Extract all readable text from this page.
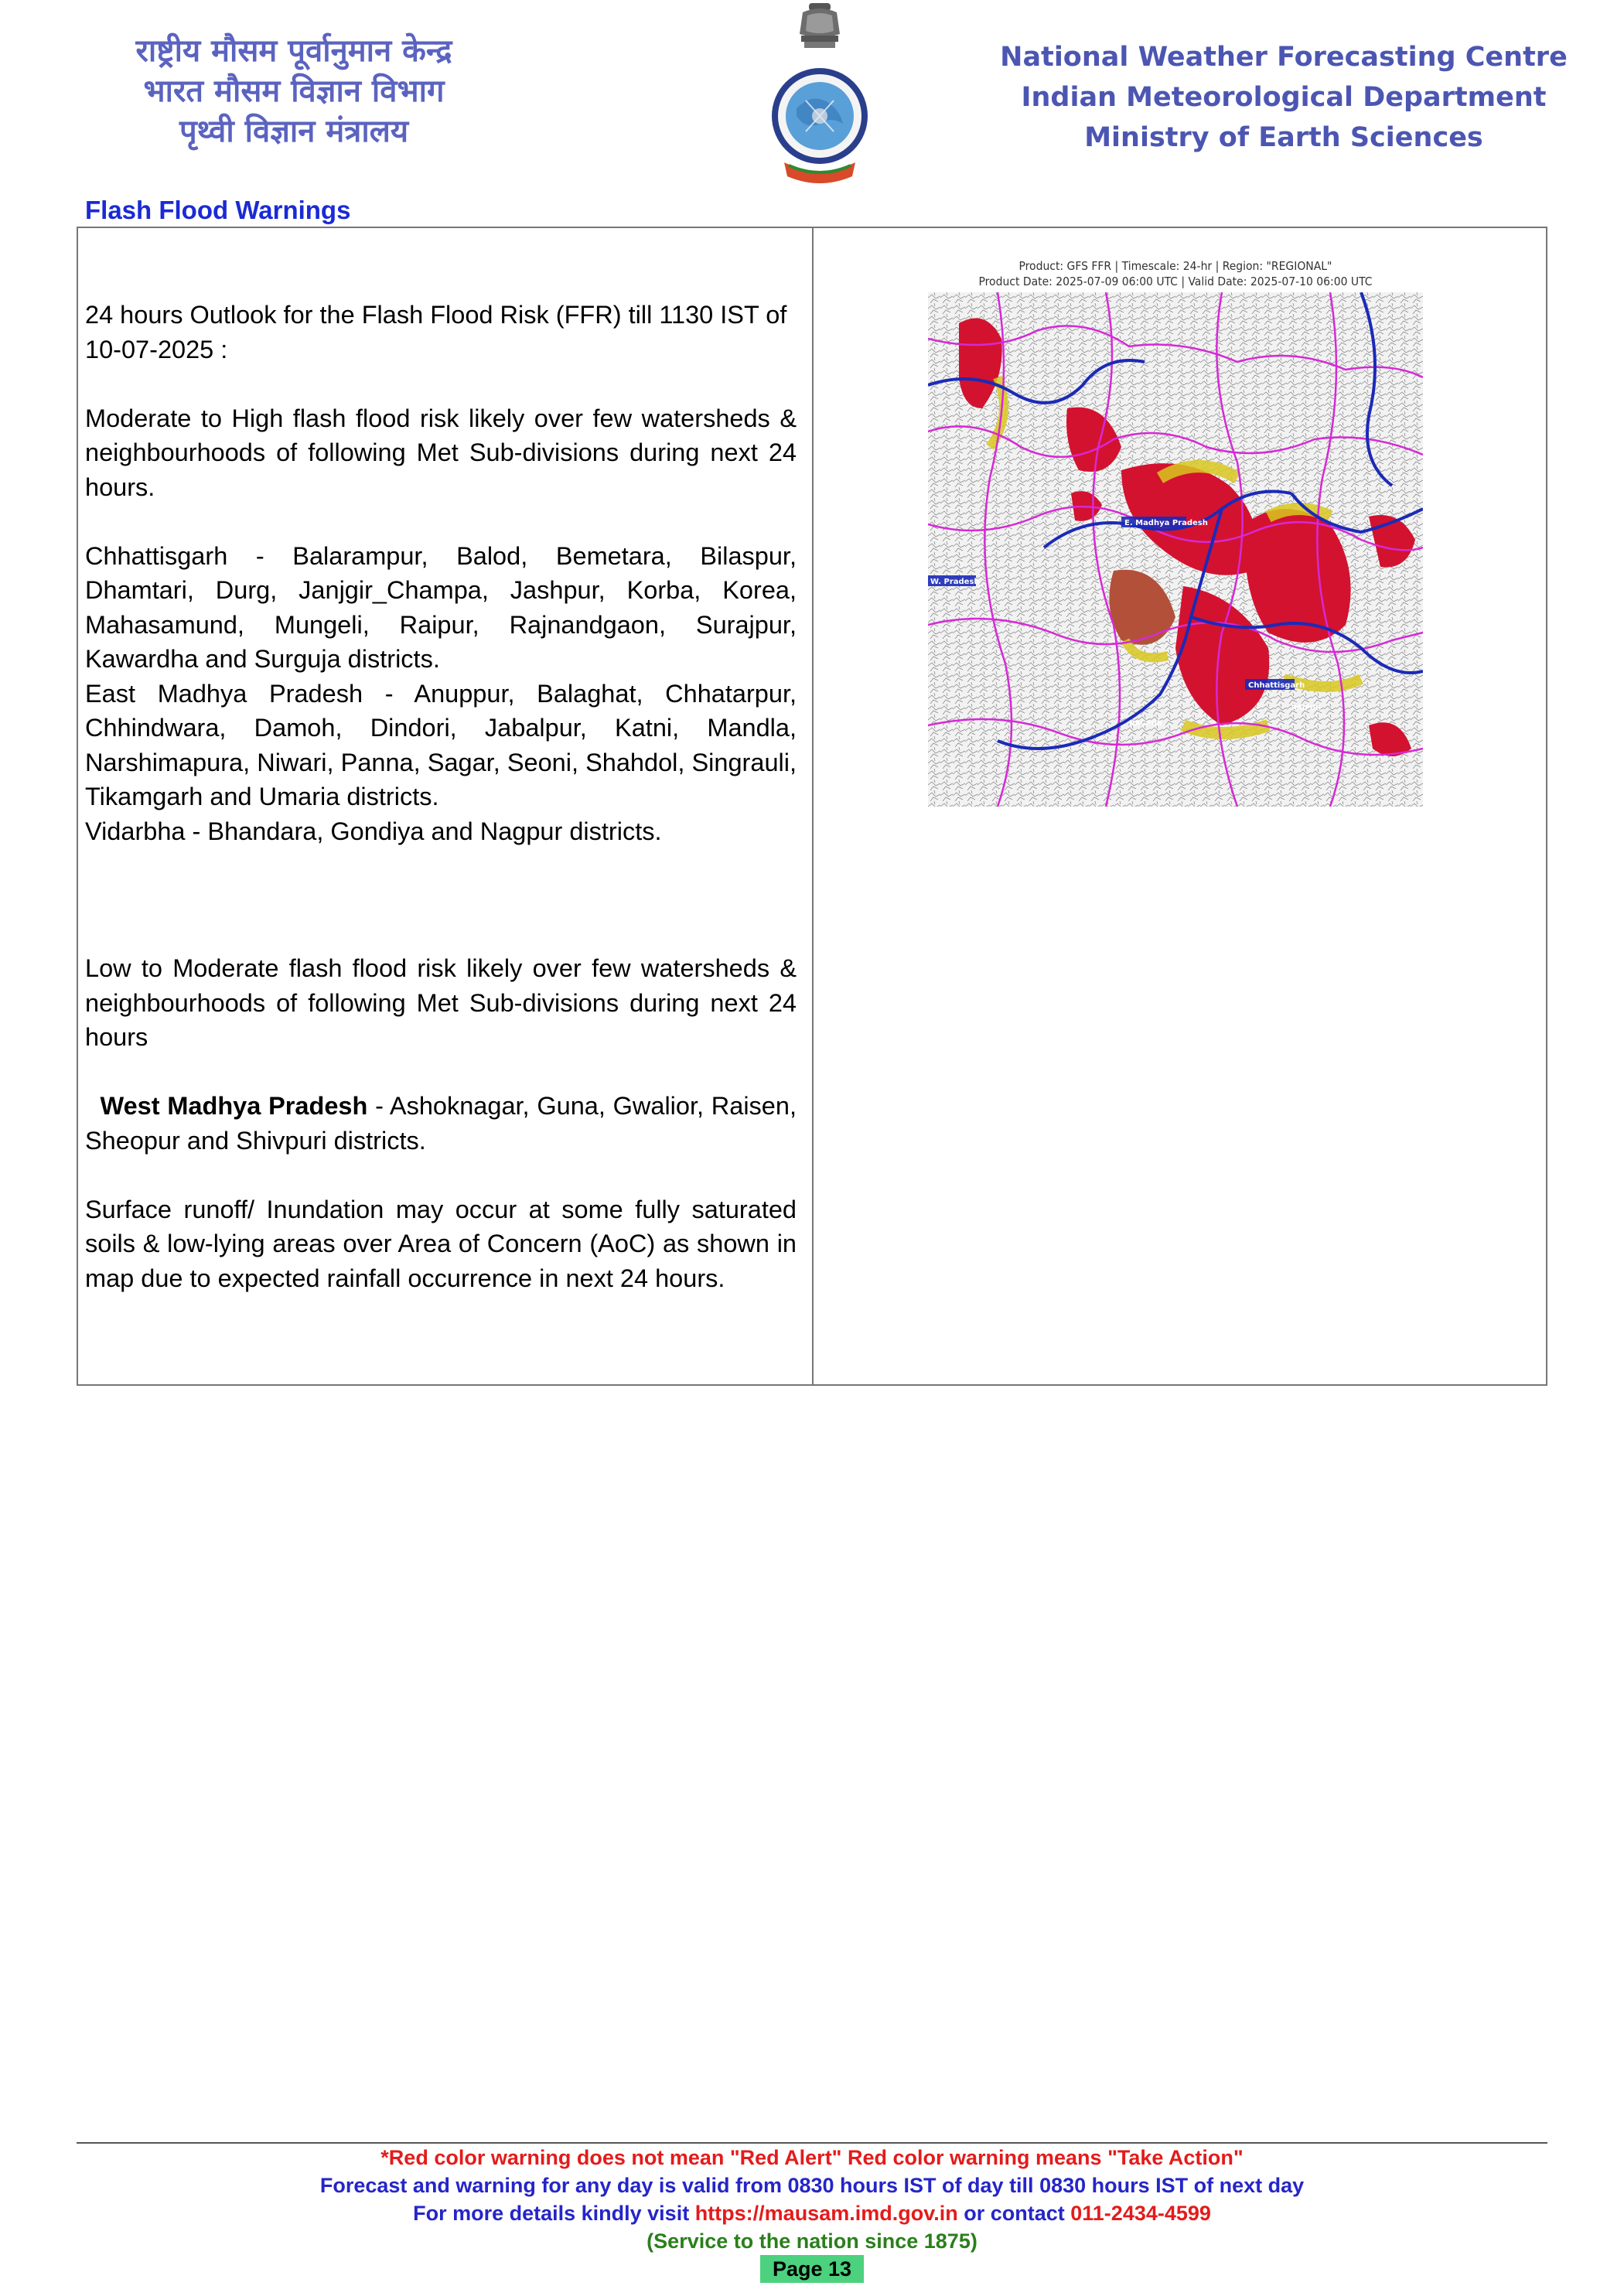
राष्ट्रीय मौसम पूर्वानुमान केन्द्र
भारत मौसम विज्ञान विभाग
पृथ्वी विज्ञान मंत्रालय
National Weather Forecasting Centre
Indian Meteorological Department
Ministry of Earth Sciences
Flash Flood Warnings

24 hours Outlook for the Flash Flood Risk (FFR) till 1130 IST of 10-07-2025 :

Moderate to High flash flood risk likely over few watersheds & neighbourhoods of following Met Sub-divisions during next 24 hours.

Chhattisgarh - Balarampur, Balod, Bemetara, Bilaspur, Dhamtari, Durg, Janjgir_Champa, Jashpur, Korba, Korea, Mahasamund, Mungeli, Raipur, Rajnandgaon, Surajpur, Kawardha and Surguja districts.

East Madhya Pradesh - Anuppur, Balaghat, Chhatarpur, Chhindwara, Damoh, Dindori, Jabalpur, Katni, Mandla, Narshimapura, Niwari, Panna, Sagar, Seoni, Shahdol, Singrauli, Tikamgarh and Umaria districts.

Vidarbha - Bhandara, Gondiya and Nagpur districts.

Low to Moderate flash flood risk likely over few watersheds & neighbourhoods of following Met Sub-divisions during next 24 hours

West Madhya Pradesh - Ashoknagar, Guna, Gwalior, Raisen, Sheopur and Shivpuri districts.

Surface runoff/ Inundation may occur at some fully saturated soils & low-lying areas over Area of Concern (AoC) as shown in map due to expected rainfall occurrence in next 24 hours.

Product: GFS FFR | Timescale: 24-hr | Region: "REGIONAL"
Product Date: 2025-07-09 06:00 UTC | Valid Date: 2025-07-10 06:00 UTC
E. Madhya Pradesh
Chhattisgarh
W. Pradesh
RAIPUR
NAGPUR
*Red color warning does not mean "Red Alert" Red color warning means "Take Action"
Forecast and warning for any day is valid from 0830 hours IST of day till 0830 hours IST of next day
For more details kindly visit https://mausam.imd.gov.in or contact 011-2434-4599
(Service to the nation since 1875)
Page 13
